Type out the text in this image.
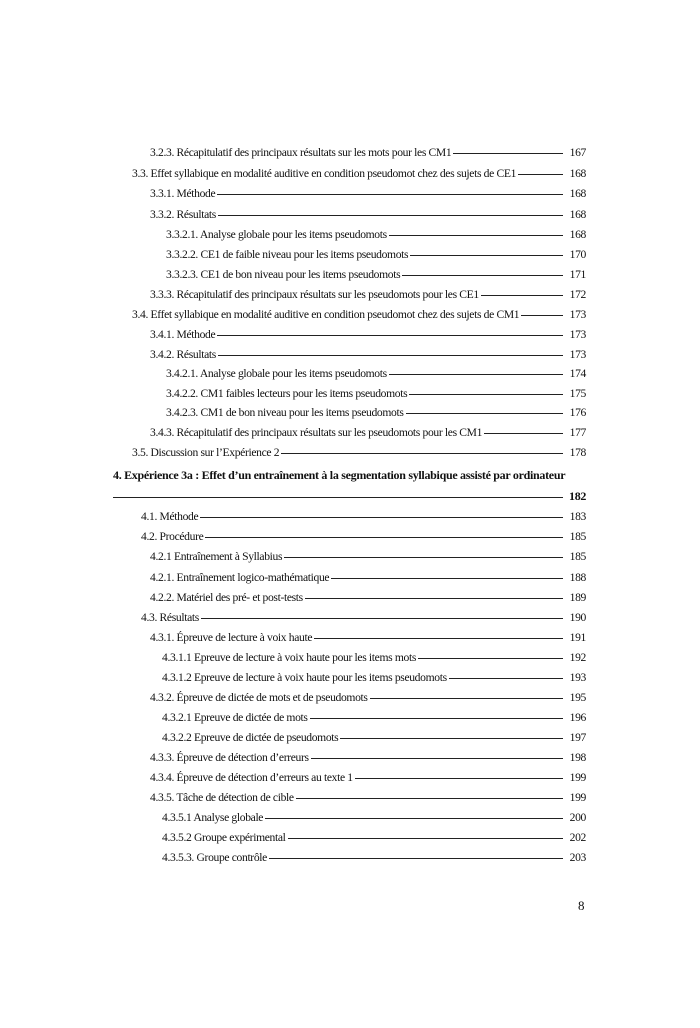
3.2.3. Récapitulatif des principaux résultats sur les mots pour les CM1	167
3.3. Effet syllabique en modalité auditive en condition pseudomot chez des sujets de CE1	168
3.3.1. Méthode	168
3.3.2. Résultats	168
3.3.2.1. Analyse globale pour les items pseudomots	168
3.3.2.2. CE1 de faible niveau pour les items pseudomots	170
3.3.2.3. CE1 de bon niveau pour les items pseudomots	171
3.3.3. Récapitulatif des principaux résultats sur les pseudomots pour les CE1	172
3.4. Effet syllabique en modalité auditive en condition pseudomot chez des sujets de CM1	173
3.4.1. Méthode	173
3.4.2. Résultats	173
3.4.2.1. Analyse globale pour les items pseudomots	174
3.4.2.2. CM1 faibles lecteurs pour les items pseudomots	175
3.4.2.3. CM1 de bon niveau pour les items pseudomots	176
3.4.3. Récapitulatif des principaux résultats sur les pseudomots pour les CM1	177
3.5. Discussion sur l’Expérience 2	178
4. Expérience 3a : Effet d’un entraînement à la segmentation syllabique assisté par ordinateur
182
4.1. Méthode	183
4.2. Procédure	185
4.2.1 Entraînement à Syllabius	185
4.2.1. Entraînement logico-mathématique	188
4.2.2. Matériel des pré- et post-tests	189
4.3. Résultats	190
4.3.1. Épreuve de lecture à voix haute	191
4.3.1.1 Epreuve de lecture à voix haute pour les items mots	192
4.3.1.2 Epreuve de lecture à voix haute pour les items pseudomots	193
4.3.2. Épreuve de dictée de mots et de pseudomots	195
4.3.2.1 Epreuve de dictée de mots	196
4.3.2.2 Epreuve de dictée de pseudomots	197
4.3.3. Épreuve de détection d’erreurs	198
4.3.4. Épreuve de détection d’erreurs au texte 1	199
4.3.5. Tâche de détection de cible	199
4.3.5.1 Analyse globale	200
4.3.5.2 Groupe expérimental	202
4.3.5.3. Groupe contrôle	203
8
